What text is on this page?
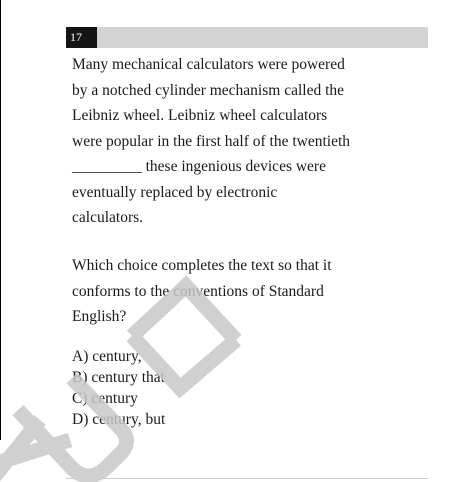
17

Many mechanical calculators were powered
by a notched cylinder mechanism called the
Leibniz wheel. Leibniz wheel calculators
were popular in the first half of the twentieth
_________ these ingenious devices were
eventually replaced by electronic
calculators.

Which choice completes the text so that it
conforms to the conventions of Standard
English?

A) century,
B) century that
C) century
D) century, but
